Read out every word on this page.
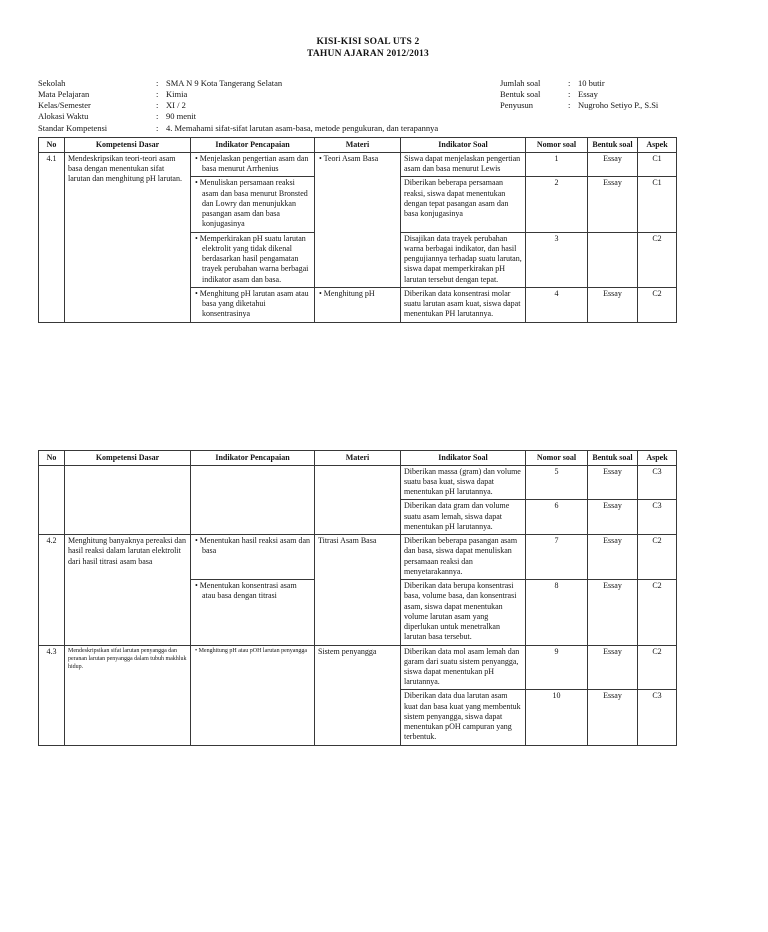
KISI-KISI SOAL UTS 2
TAHUN AJARAN 2012/2013
Sekolah	: SMA N 9 Kota Tangerang Selatan
Mata Pelajaran	: Kimia
Kelas/Semester	: XI / 2
Alokasi Waktu	: 90 menit
Standar Kompetensi	: 4. Memahami sifat-sifat larutan asam-basa, metode pengukuran, dan terapannya
Jumlah soal	: 10 butir
Bentuk soal	: Essay
Penyusun	: Nugroho Setiyo P., S.Si
No	Kompetensi Dasar	Indikator Pencapaian	Materi	Indikator Soal	Nomor soal	Bentuk soal	Aspek
4.1	Mendeskripsikan teori-teori asam basa dengan menentukan sifat larutan dan menghitung pH larutan.	• Menjelaskan pengertian asam dan basa menurut Arrhenius	• Teori Asam Basa	Siswa dapat menjelaskan pengertian asam dan basa menurut Lewis	1	Essay	C1
		• Menuliskan persamaan reaksi asam dan basa menurut Bronsted dan Lowry dan menunjukkan pasangan asam dan basa konjugasinya		Diberikan beberapa persamaan reaksi, siswa dapat menentukan dengan tepat pasangan asam dan basa konjugasinya	2	Essay	C1
		• Memperkirakan pH suatu larutan elektrolit yang tidak dikenal berdasarkan hasil pengamatan trayek perubahan warna berbagai indikator asam dan basa.		Disajikan data trayek perubahan warna berbagai indikator, dan hasil pengujiannya terhadap suatu larutan, siswa dapat memperkirakan pH larutan tersebut dengan tepat.	3		C2
		• Menghitung pH larutan asam atau basa yang diketahui konsentrasinya	• Menghitung pH	Diberikan data konsentrasi molar suatu larutan asam kuat, siswa dapat menentukan PH larutannya.	4	Essay	C2
No	Kompetensi Dasar	Indikator Pencapaian	Materi	Indikator Soal	Nomor soal	Bentuk soal	Aspek
				Diberikan massa (gram) dan volume suatu basa kuat, siswa dapat menentukan pH larutannya.	5	Essay	C3
				Diberikan data gram dan volume suatu asam lemah, siswa dapat menentukan pH larutannya.	6	Essay	C3
4.2	Menghitung banyaknya pereaksi dan hasil reaksi dalam larutan elektrolit dari hasil titrasi asam basa	• Menentukan hasil reaksi asam dan basa	Titrasi Asam Basa	Diberikan beberapa pasangan asam dan basa, siswa dapat menuliskan persamaan reaksi dan menyetarakannya.	7	Essay	C2
		• Menentukan konsentrasi asam atau basa dengan titrasi		Diberikan data berupa konsentrasi basa, volume basa, dan konsentrasi asam, siswa dapat menentukan volume larutan asam yang diperlukan untuk menetralkan larutan basa tersebut.	8	Essay	C2
4.3	Mendeskripsikan sifat larutan penyangga dan peranan larutan penyangga dalam tubuh makhluk hidup.	• Menghitung pH atau pOH larutan penyangga	Sistem penyangga	Diberikan data mol asam lemah dan garam dari suatu sistem penyangga, siswa dapat menentukan pH larutannya.	9	Essay	C2
				Diberikan data dua larutan asam kuat dan basa kuat yang membentuk sistem penyangga, siswa dapat menentukan pOH campuran yang terbentuk.	10	Essay	C3
